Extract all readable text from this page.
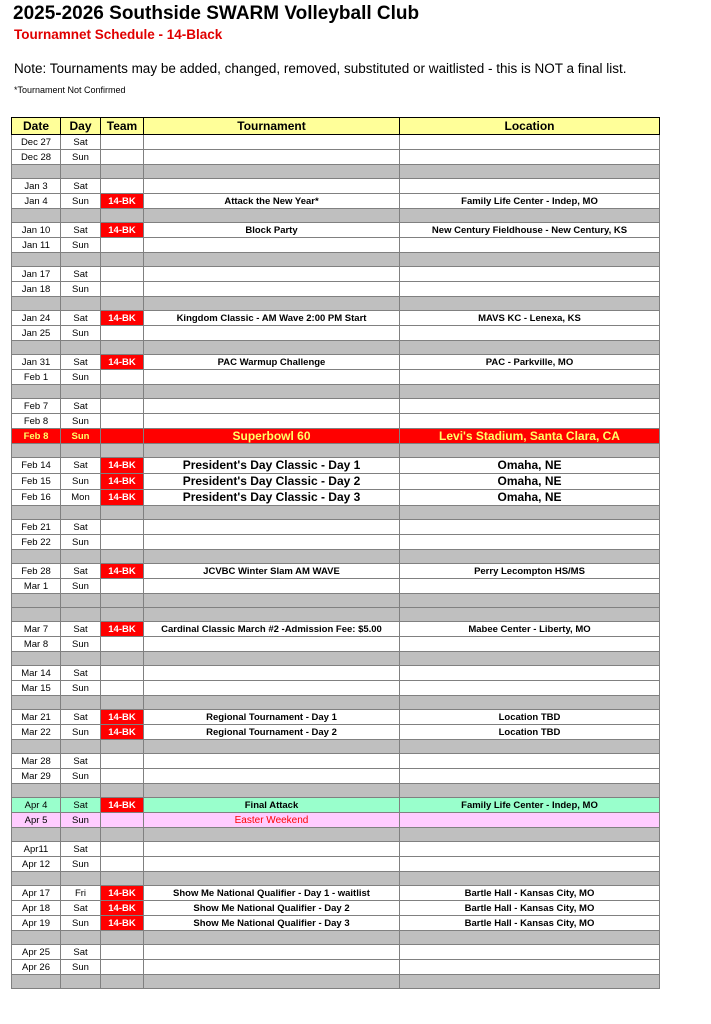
2025-2026 Southside SWARM Volleyball Club
Tournamnet Schedule - 14-Black
Note: Tournaments may be added, changed, removed, substituted or waitlisted - this is NOT a final list.
*Tournament Not Confirmed
Date	Day	Team	Tournament	Location
Dec 27	Sat			
Dec 28	Sun			

Jan 3	Sat			
Jan 4	Sun	14-BK	Attack the New Year*	Family Life Center - Indep, MO

Jan 10	Sat	14-BK	Block Party	New Century Fieldhouse - New Century, KS
Jan 11	Sun			

Jan 17	Sat			
Jan 18	Sun			

Jan 24	Sat	14-BK	Kingdom Classic - AM Wave 2:00 PM Start	MAVS KC - Lenexa, KS
Jan 25	Sun			

Jan 31	Sat	14-BK	PAC Warmup Challenge	PAC - Parkville, MO
Feb 1	Sun			

Feb 7	Sat			
Feb 8	Sun			
Feb 8	Sun		Superbowl 60	Levi's Stadium, Santa Clara, CA

Feb 14	Sat	14-BK	President's Day Classic - Day 1	Omaha, NE
Feb 15	Sun	14-BK	President's Day Classic - Day 2	Omaha, NE
Feb 16	Mon	14-BK	President's Day Classic - Day 3	Omaha, NE

Feb 21	Sat			
Feb 22	Sun			

Feb 28	Sat	14-BK	JCVBC Winter Slam AM WAVE	Perry Lecompton HS/MS
Mar 1	Sun			

Mar 7	Sat	14-BK	Cardinal Classic March #2 -Admission Fee: $5.00	Mabee Center - Liberty, MO
Mar 8	Sun			

Mar 14	Sat			
Mar 15	Sun			

Mar 21	Sat	14-BK	Regional Tournament - Day 1	Location TBD
Mar 22	Sun	14-BK	Regional Tournament - Day 2	Location TBD

Mar 28	Sat			
Mar 29	Sun			

Apr 4	Sat	14-BK	Final Attack	Family Life Center - Indep, MO
Apr 5	Sun		Easter Weekend	

Apr11	Sat			
Apr 12	Sun			

Apr 17	Fri	14-BK	Show Me National Qualifier - Day 1 - waitlist	Bartle Hall - Kansas City, MO
Apr 18	Sat	14-BK	Show Me National Qualifier - Day 2	Bartle Hall - Kansas City, MO
Apr 19	Sun	14-BK	Show Me National Qualifier - Day 3	Bartle Hall - Kansas City, MO

Apr 25	Sat			
Apr 26	Sun			
